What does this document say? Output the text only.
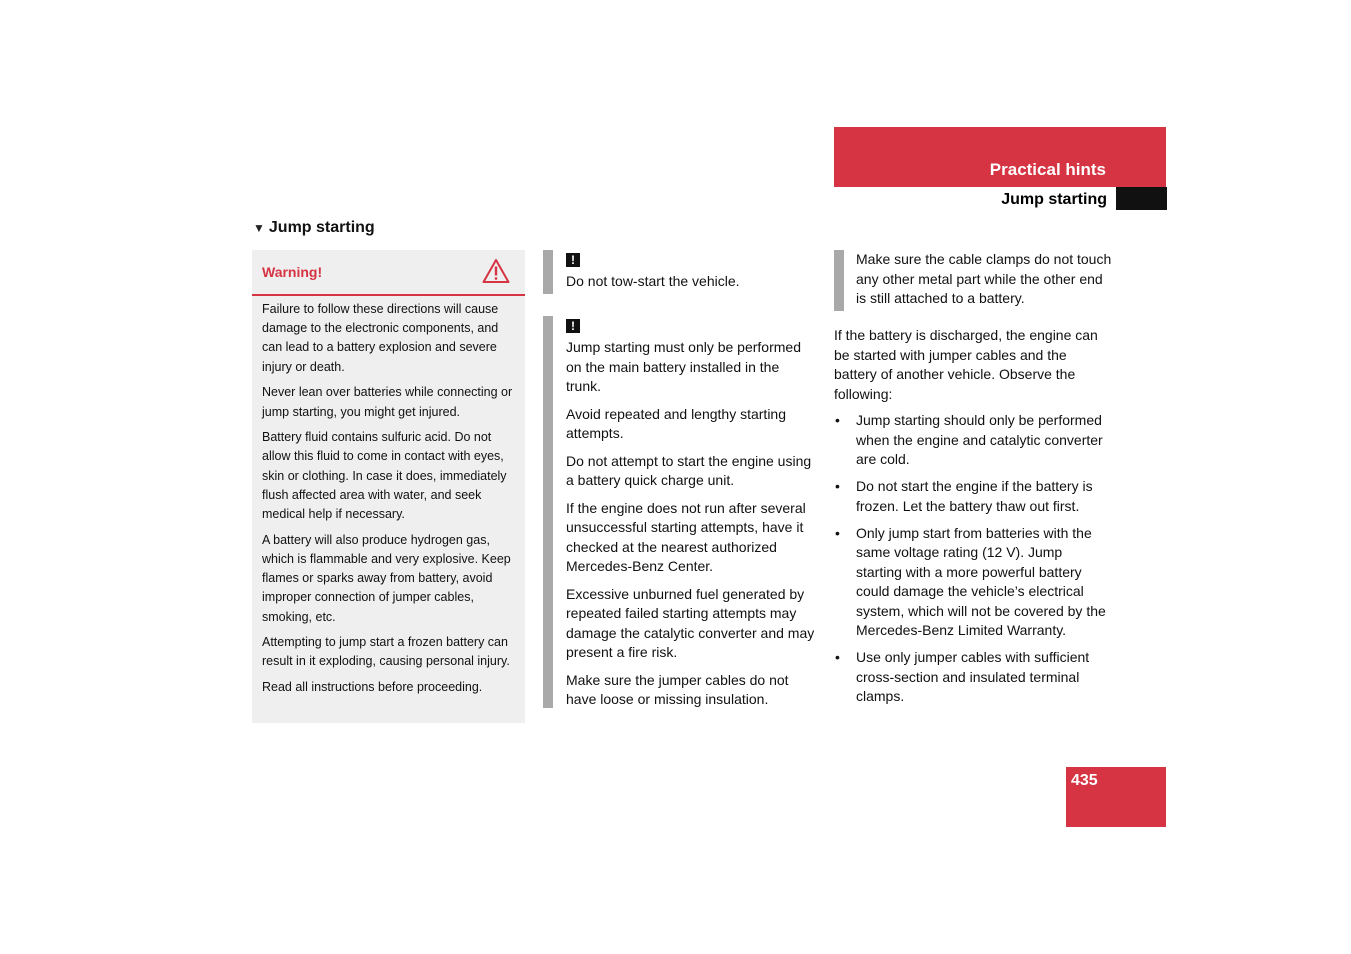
Practical hints
Jump starting
▼ Jump starting
Warning!

Failure to follow these directions will cause damage to the electronic components, and can lead to a battery explosion and severe injury or death.

Never lean over batteries while connecting or jump starting, you might get injured.

Battery fluid contains sulfuric acid. Do not allow this fluid to come in contact with eyes, skin or clothing. In case it does, immediately flush affected area with water, and seek medical help if necessary.

A battery will also produce hydrogen gas, which is flammable and very explosive. Keep flames or sparks away from battery, avoid improper connection of jumper cables, smoking, etc.

Attempting to jump start a frozen battery can result in it exploding, causing personal injury.

Read all instructions before proceeding.

!

Do not tow-start the vehicle.

!

Jump starting must only be performed on the main battery installed in the trunk.

Avoid repeated and lengthy starting attempts.

Do not attempt to start the engine using a battery quick charge unit.

If the engine does not run after several unsuccessful starting attempts, have it checked at the nearest authorized Mercedes-Benz Center.

Excessive unburned fuel generated by repeated failed starting attempts may damage the catalytic converter and may present a fire risk.

Make sure the jumper cables do not have loose or missing insulation.

Make sure the cable clamps do not touch any other metal part while the other end is still attached to a battery.

If the battery is discharged, the engine can be started with jumper cables and the battery of another vehicle. Observe the following:

• Jump starting should only be performed when the engine and catalytic converter are cold.
• Do not start the engine if the battery is frozen. Let the battery thaw out first.
• Only jump start from batteries with the same voltage rating (12 V). Jump starting with a more powerful battery could damage the vehicle’s electrical system, which will not be covered by the Mercedes-Benz Limited Warranty.
• Use only jumper cables with sufficient cross-section and insulated terminal clamps.
435
